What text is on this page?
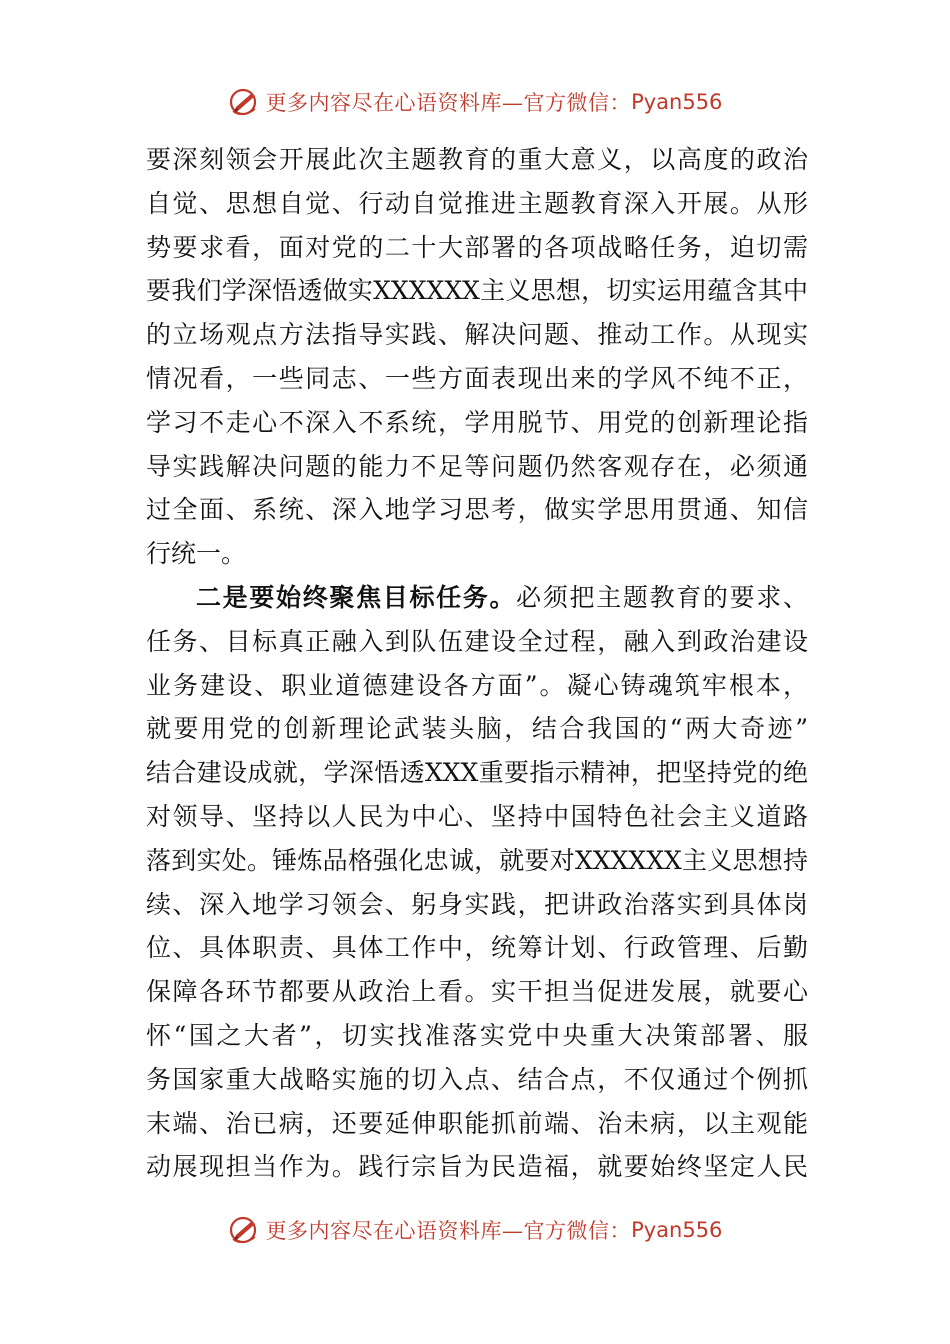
更多内容尽在心语资料库—官方微信： Pyan556
要深刻领会开展此次主题教育的重大意义，以高度的政治
自觉、思想自觉、行动自觉推进主题教育深入开展。从形
势要求看，面对党的二十大部署的各项战略任务，迫切需
要我们学深悟透做实XXXXXX主义思想，切实运用蕴含其中
的立场观点方法指导实践、解决问题、推动工作。从现实
情况看，一些同志、一些方面表现出来的学风不纯不正，
学习不走心不深入不系统，学用脱节、用党的创新理论指
导实践解决问题的能力不足等问题仍然客观存在，必须通
过全面、系统、深入地学习思考，做实学思用贯通、知信
行统一。
二是要始终聚焦目标任务。必须把主题教育的要求、
任务、目标真正融入到队伍建设全过程，融入到政治建设
业务建设、职业道德建设各方面”。凝心铸魂筑牢根本，
就要用党的创新理论武装头脑，结合我国的“两大奇迹”
结合建设成就，学深悟透XXX重要指示精神，把坚持党的绝
对领导、坚持以人民为中心、坚持中国特色社会主义道路
落到实处。锤炼品格强化忠诚，就要对XXXXXX主义思想持
续、深入地学习领会、躬身实践，把讲政治落实到具体岗
位、具体职责、具体工作中，统筹计划、行政管理、后勤
保障各环节都要从政治上看。实干担当促进发展，就要心
怀“国之大者”，切实找准落实党中央重大决策部署、服
务国家重大战略实施的切入点、结合点，不仅通过个例抓
末端、治已病，还要延伸职能抓前端、治未病，以主观能
动展现担当作为。践行宗旨为民造福，就要始终坚定人民
更多内容尽在心语资料库—官方微信： Pyan556
